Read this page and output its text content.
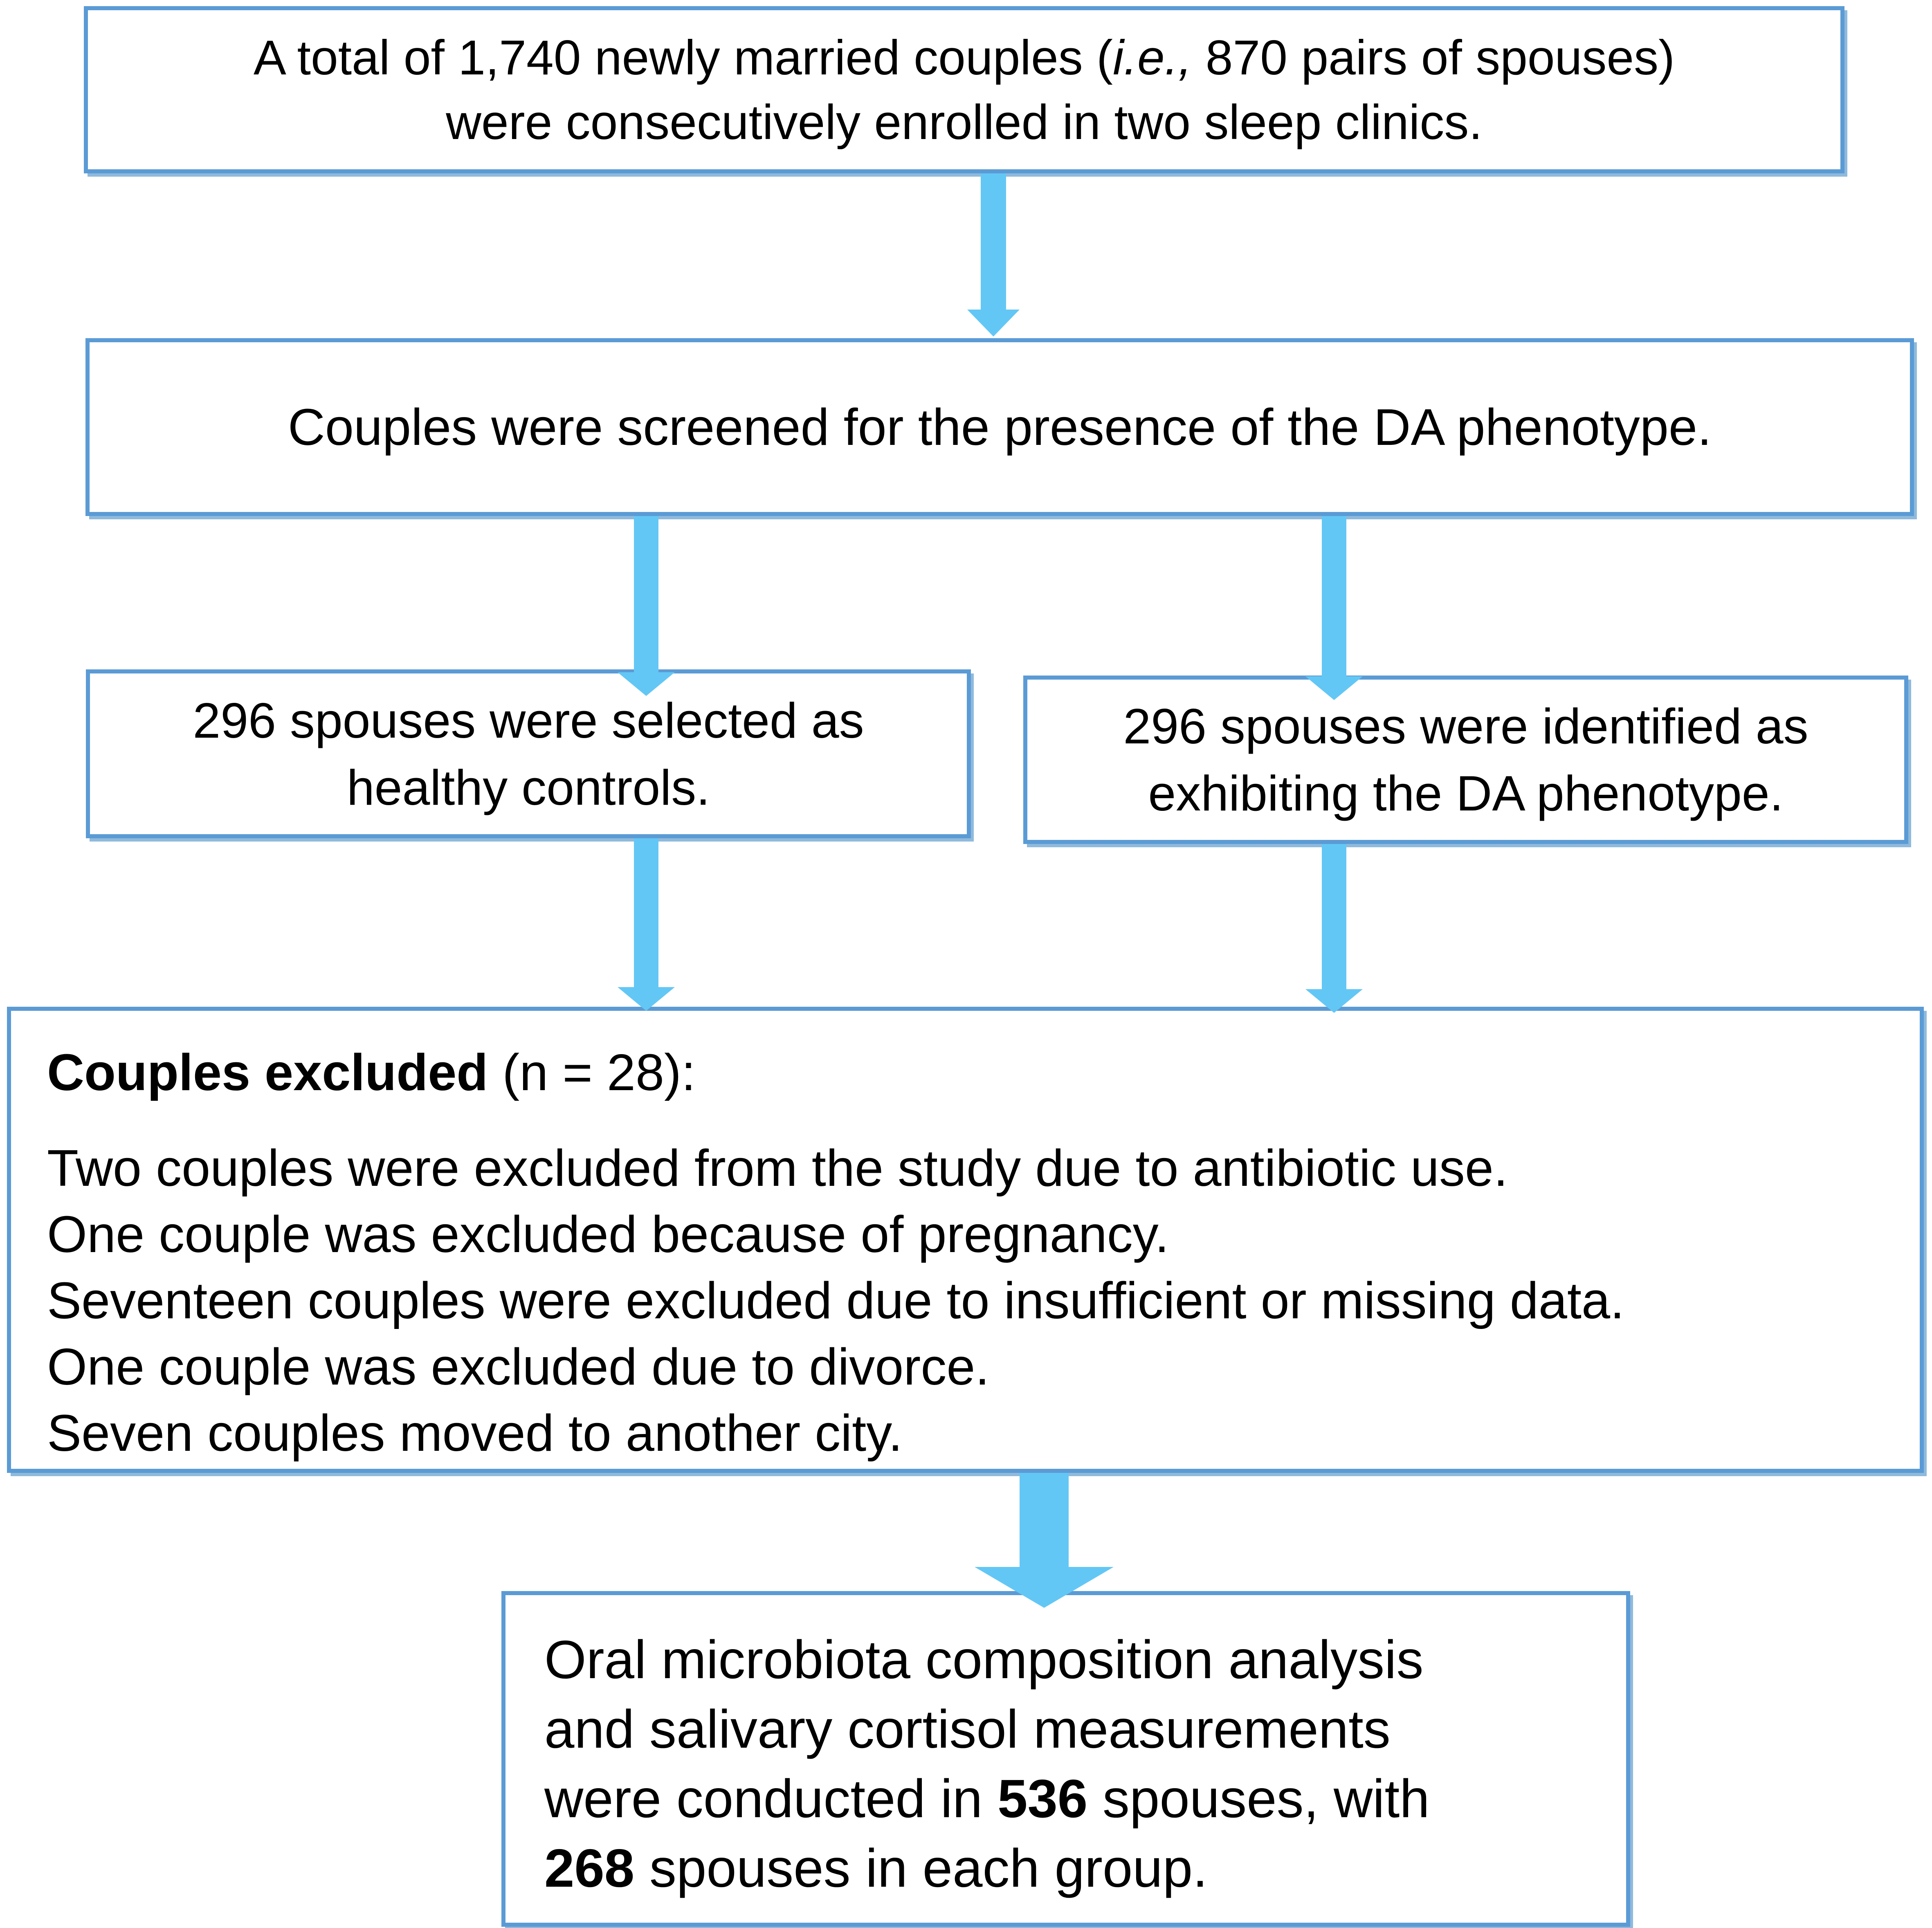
A total of 1,740 newly married couples (i.e., 870 pairs of spouses)
were consecutively enrolled in two sleep clinics.
Couples were screened for the presence of the DA phenotype.
296 spouses were selected as
healthy controls.
296 spouses were identified as
exhibiting the DA phenotype.
Couples excluded (n = 28):
Two couples were excluded from the study due to antibiotic use.
One couple was excluded because of pregnancy.
Seventeen couples were excluded due to insufficient or missing data.
One couple was excluded due to divorce.
Seven couples moved to another city.
Oral microbiota composition analysis
and salivary cortisol measurements
were conducted in 536 spouses, with
268 spouses in each group.
